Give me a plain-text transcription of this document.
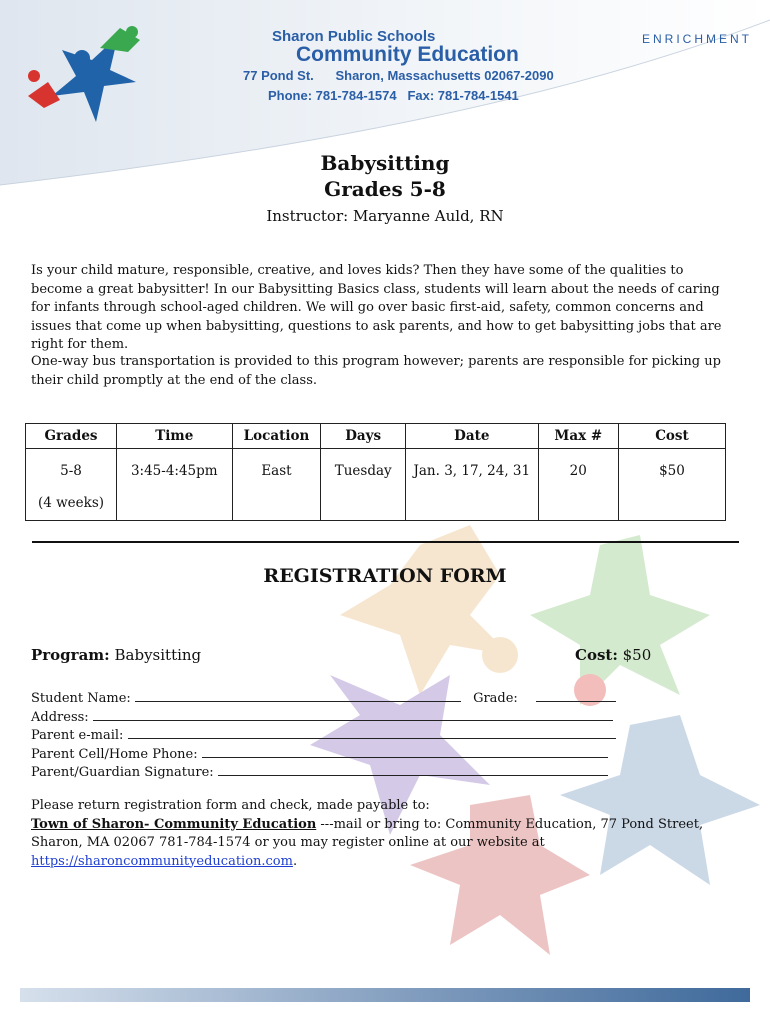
Sharon Public Schools
Community Education
77 Pond St.      Sharon, Massachusetts 02067-2090
Phone: 781-784-1574   Fax: 781-784-1541
ENRICHMENT
Babysitting
Grades 5-8
Instructor: Maryanne Auld, RN
Is your child mature, responsible, creative, and loves kids? Then they have some of the qualities to become a great babysitter! In our Babysitting Basics class, students will learn about the needs of caring for infants through school-aged children. We will go over basic first-aid, safety, common concerns and issues that come up when babysitting, questions to ask parents, and how to get babysitting jobs that are right for them.
One-way bus transportation is provided to this program however; parents are responsible for picking up their child promptly at the end of the class.
Grades	Time	Location	Days	Date	Max #	Cost
5-8
(4 weeks)	3:45-4:45pm	East	Tuesday	Jan. 3, 17, 24, 31	20	$50
REGISTRATION FORM
Program: Babysitting	Cost: $50
Student Name:	Grade:
Address:
Parent e-mail:
Parent Cell/Home Phone:
Parent/Guardian Signature:
Please return registration form and check, made payable to:
Town of Sharon- Community Education ---mail or bring to: Community Education, 77 Pond Street, Sharon, MA 02067 781-784-1574 or you may register online at our website at https://sharoncommunityeducation.com.
